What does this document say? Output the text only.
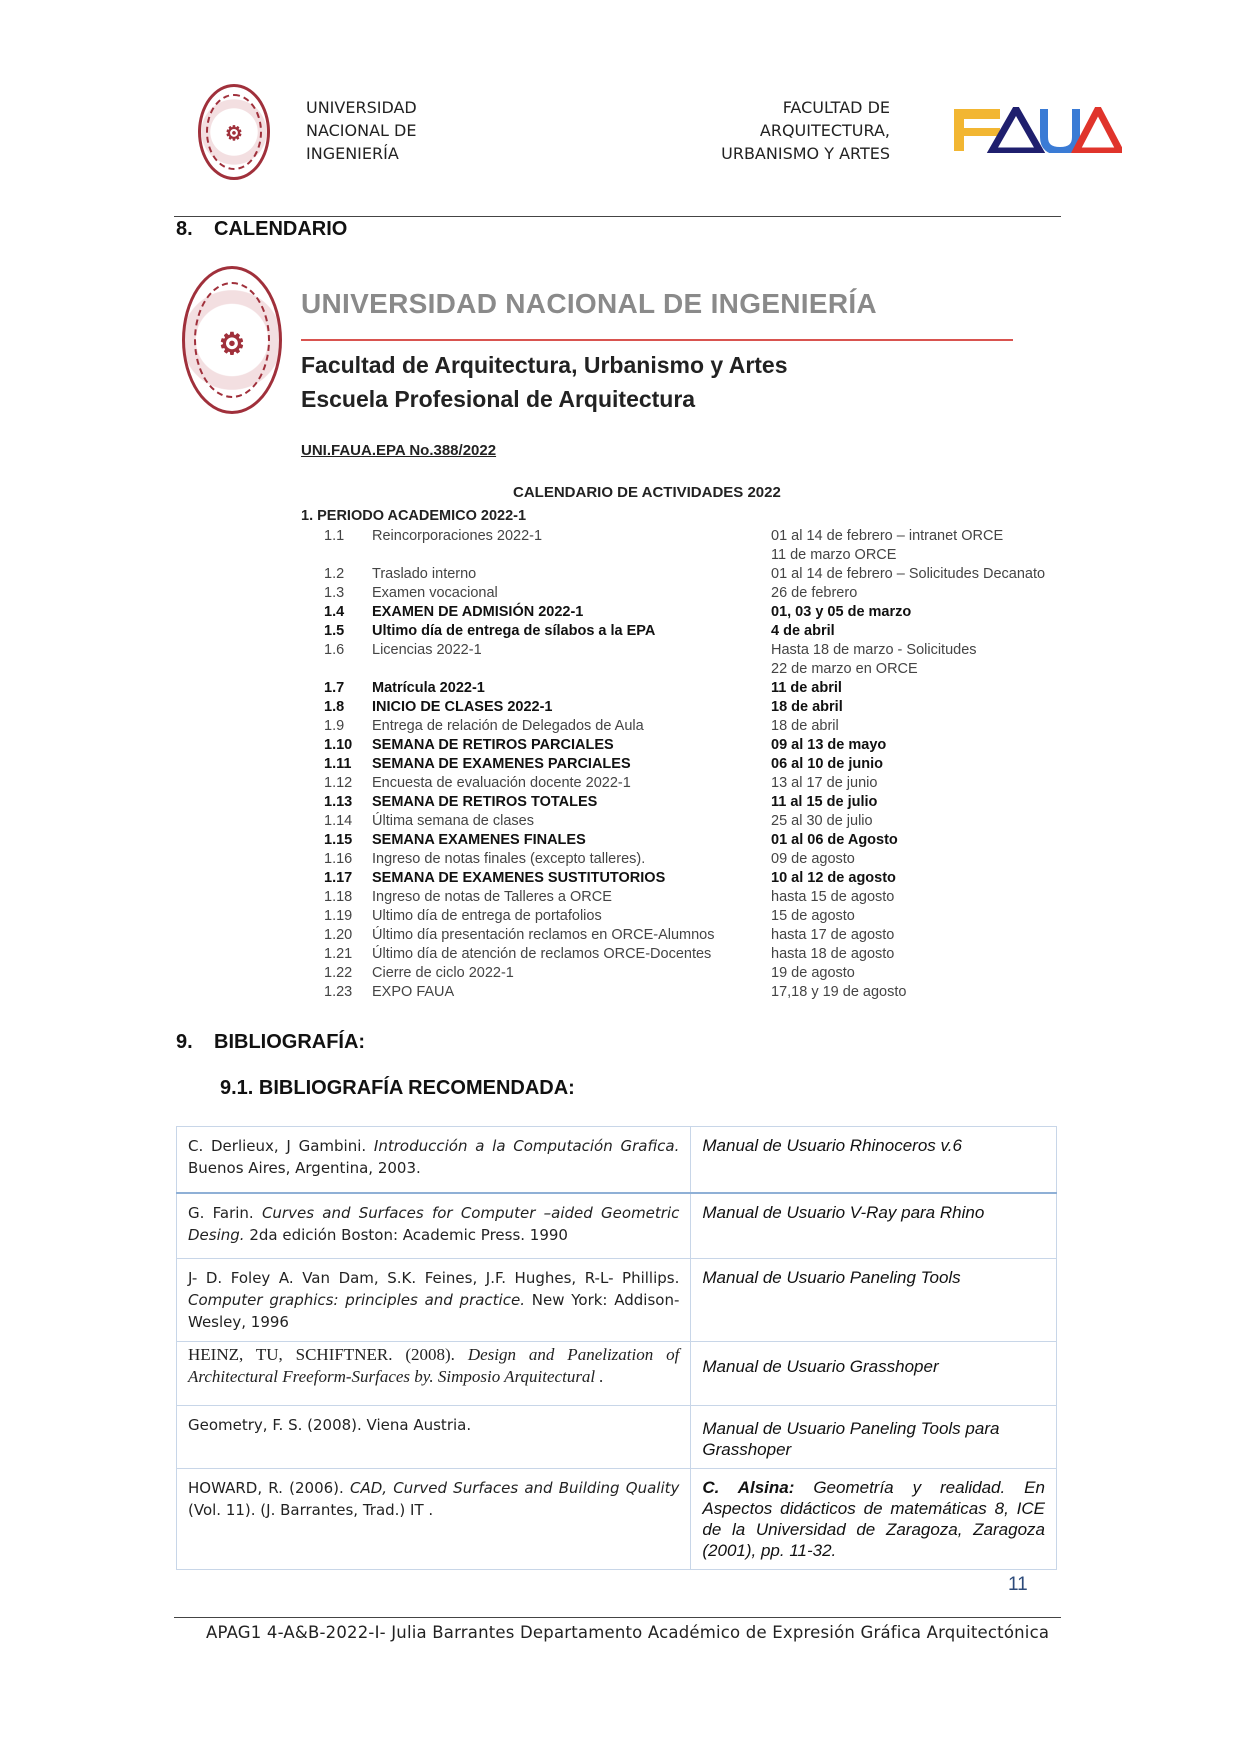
⚙
UNIVERSIDAD
NACIONAL DE
INGENIERÍA
FACULTAD DE
ARQUITECTURA,
URBANISMO Y ARTES
8. CALENDARIO
⚙
UNIVERSIDAD NACIONAL DE INGENIERÍA
Facultad de Arquitectura, Urbanismo y Artes
Escuela Profesional de Arquitectura
UNI.FAUA.EPA No.388/2022
CALENDARIO DE ACTIVIDADES 2022
1. PERIODO ACADEMICO 2022-1
1.1 Reincorporaciones 2022-1	01 al 14 de febrero – intranet ORCE
11 de marzo ORCE
1.2 Traslado interno	01 al 14 de febrero – Solicitudes Decanato
1.3 Examen vocacional	26 de febrero
1.4 EXAMEN DE ADMISIÓN 2022-1	01, 03 y 05 de marzo
1.5 Ultimo día de entrega de sílabos a la EPA	4 de abril
1.6 Licencias 2022-1	Hasta 18 de marzo - Solicitudes
22 de marzo en ORCE
1.7 Matrícula 2022-1	11 de abril
1.8 INICIO DE CLASES 2022-1	18 de abril
1.9 Entrega de relación de Delegados de Aula	18 de abril
1.10 SEMANA DE RETIROS PARCIALES	09 al 13 de mayo
1.11 SEMANA DE EXAMENES PARCIALES	06 al 10 de junio
1.12 Encuesta de evaluación docente 2022-1	13 al 17 de junio
1.13 SEMANA DE RETIROS TOTALES	11 al 15 de julio
1.14 Última semana de clases	25 al 30 de julio
1.15 SEMANA EXAMENES FINALES	01 al 06 de Agosto
1.16 Ingreso de notas finales (excepto talleres).	09 de agosto
1.17 SEMANA DE EXAMENES SUSTITUTORIOS	10 al 12 de agosto
1.18 Ingreso de notas de Talleres a ORCE	hasta 15 de agosto
1.19 Ultimo día de entrega de portafolios	15 de agosto
1.20 Último día presentación reclamos en ORCE-Alumnos	hasta 17 de agosto
1.21 Último día de atención de reclamos ORCE-Docentes	hasta 18 de agosto
1.22 Cierre de ciclo 2022-1	19 de agosto
1.23 EXPO FAUA	17,18 y 19 de agosto
9. BIBLIOGRAFÍA:
9.1. BIBLIOGRAFÍA RECOMENDADA:
C. Derlieux, J Gambini. Introducción a la Computación Grafica. Buenos Aires, Argentina, 2003.	Manual de Usuario Rhinoceros v.6
G. Farin. Curves and Surfaces for Computer –aided Geometric Desing. 2da edición Boston: Academic Press. 1990	Manual de Usuario V-Ray para Rhino
J- D. Foley A. Van Dam, S.K. Feines, J.F. Hughes, R-L- Phillips. Computer graphics: principles and practice. New York: Addison-Wesley, 1996	Manual de Usuario Paneling Tools
HEINZ, TU, SCHIFTNER. (2008). Design and Panelization of Architectural Freeform-Surfaces by. Simposio Arquitectural .	Manual de Usuario Grasshoper
Geometry, F. S. (2008). Viena Austria.	Manual de Usuario Paneling Tools para Grasshoper
HOWARD, R. (2006). CAD, Curved Surfaces and Building Quality (Vol. 11). (J. Barrantes, Trad.) IT .	C. Alsina: Geometría y realidad. En Aspectos didácticos de matemáticas 8, ICE de la Universidad de Zaragoza, Zaragoza (2001), pp. 11-32.
11
APAG1 4-A&B-2022-I- Julia Barrantes Departamento Académico de Expresión Gráfica Arquitectónica
